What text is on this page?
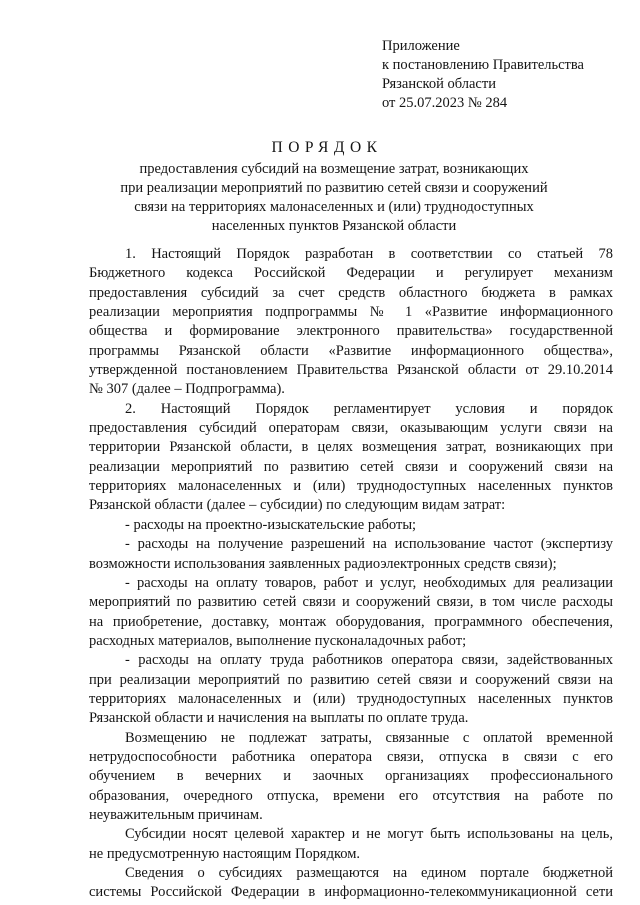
Приложение
к постановлению Правительства
Рязанской области
от 25.07.2023 № 284
ПОРЯДОК
предоставления субсидий на возмещение затрат, возникающих
при реализации мероприятий по развитию сетей связи и сооружений
связи на территориях малонаселенных и (или) труднодоступных
населенных пунктов Рязанской области
1. Настоящий Порядок разработан в соответствии со статьей 78
Бюджетного кодекса Российской Федерации и регулирует механизм
предоставления субсидий за счет средств областного бюджета в рамках
реализации мероприятия подпрограммы № 1 «Развитие информационного
общества и формирование электронного правительства» государственной
программы Рязанской области «Развитие информационного общества»,
утвержденной постановлением Правительства Рязанской области от 29.10.2014
№ 307 (далее – Подпрограмма).
2. Настоящий Порядок регламентирует условия и порядок
предоставления субсидий операторам связи, оказывающим услуги связи на
территории Рязанской области, в целях возмещения затрат, возникающих при
реализации мероприятий по развитию сетей связи и сооружений связи на
территориях малонаселенных и (или) труднодоступных населенных пунктов
Рязанской области (далее – субсидии) по следующим видам затрат:
- расходы на проектно-изыскательские работы;
- расходы на получение разрешений на использование частот (экспертизу
возможности использования заявленных радиоэлектронных средств связи);
- расходы на оплату товаров, работ и услуг, необходимых для реализации
мероприятий по развитию сетей связи и сооружений связи, в том числе расходы
на приобретение, доставку, монтаж оборудования, программного обеспечения,
расходных материалов, выполнение пусконаладочных работ;
- расходы на оплату труда работников оператора связи, задействованных
при реализации мероприятий по развитию сетей связи и сооружений связи на
территориях малонаселенных и (или) труднодоступных населенных пунктов
Рязанской области и начисления на выплаты по оплате труда.
Возмещению не подлежат затраты, связанные с оплатой временной
нетрудоспособности работника оператора связи, отпуска в связи с его
обучением в вечерних и заочных организациях профессионального
образования, очередного отпуска, времени его отсутствия на работе по
неуважительным причинам.
Субсидии носят целевой характер и не могут быть использованы на цель,
не предусмотренную настоящим Порядком.
Сведения о субсидиях размещаются на едином портале бюджетной
системы Российской Федерации в информационно-телекоммуникационной сети
